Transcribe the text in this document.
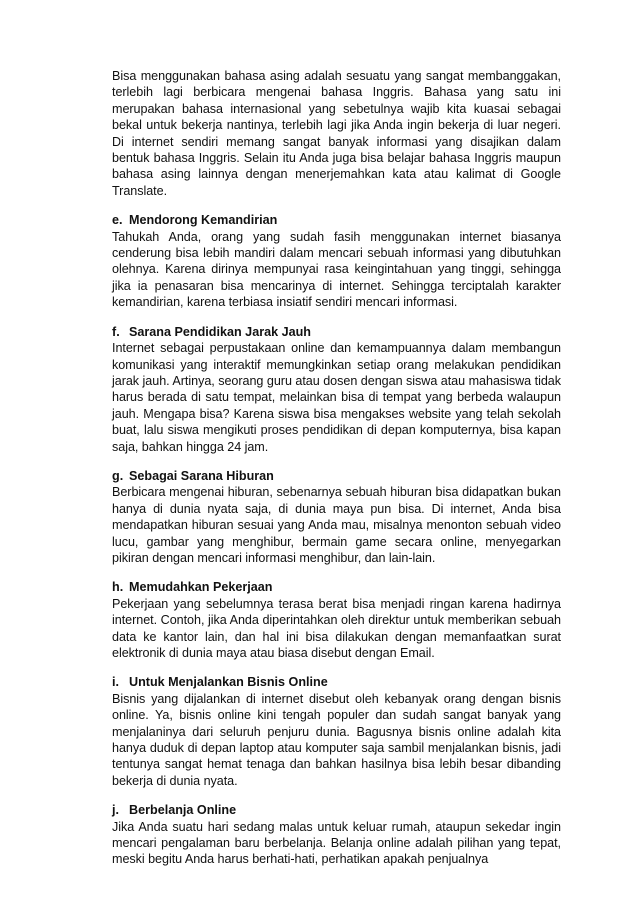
Bisa menggunakan bahasa asing adalah sesuatu yang sangat membanggakan, terlebih lagi berbicara mengenai bahasa Inggris. Bahasa yang satu ini merupakan bahasa internasional yang sebetulnya wajib kita kuasai sebagai bekal untuk bekerja nantinya, terlebih lagi jika Anda ingin bekerja di luar negeri. Di internet sendiri memang sangat banyak informasi yang disajikan dalam bentuk bahasa Inggris. Selain itu Anda juga bisa belajar bahasa Inggris maupun bahasa asing lainnya dengan menerjemahkan kata atau kalimat di Google Translate.

e. Mendorong Kemandirian

Tahukah Anda, orang yang sudah fasih menggunakan internet biasanya cenderung bisa lebih mandiri dalam mencari sebuah informasi yang dibutuhkan olehnya. Karena dirinya mempunyai rasa keingintahuan yang tinggi, sehingga jika ia penasaran bisa mencarinya di internet. Sehingga terciptalah karakter kemandirian, karena terbiasa insiatif sendiri mencari informasi.

f. Sarana Pendidikan Jarak Jauh

Internet sebagai perpustakaan online dan kemampuannya dalam membangun komunikasi yang interaktif memungkinkan setiap orang melakukan pendidikan jarak jauh. Artinya, seorang guru atau dosen dengan siswa atau mahasiswa tidak harus berada di satu tempat, melainkan bisa di tempat yang berbeda walaupun jauh. Mengapa bisa? Karena siswa bisa mengakses website yang telah sekolah buat, lalu siswa mengikuti proses pendidikan di depan komputernya, bisa kapan saja, bahkan hingga 24 jam.

g. Sebagai Sarana Hiburan

Berbicara mengenai hiburan, sebenarnya sebuah hiburan bisa didapatkan bukan hanya di dunia nyata saja, di dunia maya pun bisa. Di internet, Anda bisa mendapatkan hiburan sesuai yang Anda mau, misalnya menonton sebuah video lucu, gambar yang menghibur, bermain game secara online, menyegarkan pikiran dengan mencari informasi menghibur, dan lain-lain.

h. Memudahkan Pekerjaan

Pekerjaan yang sebelumnya terasa berat bisa menjadi ringan karena hadirnya internet. Contoh, jika Anda diperintahkan oleh direktur untuk memberikan sebuah data ke kantor lain, dan hal ini bisa dilakukan dengan memanfaatkan surat elektronik di dunia maya atau biasa disebut dengan Email.

i. Untuk Menjalankan Bisnis Online

Bisnis yang dijalankan di internet disebut oleh kebanyak orang dengan bisnis online. Ya, bisnis online kini tengah populer dan sudah sangat banyak yang menjalaninya dari seluruh penjuru dunia. Bagusnya bisnis online adalah kita hanya duduk di depan laptop atau komputer saja sambil menjalankan bisnis, jadi tentunya sangat hemat tenaga dan bahkan hasilnya bisa lebih besar dibanding bekerja di dunia nyata.

j. Berbelanja Online

Jika Anda suatu hari sedang malas untuk keluar rumah, ataupun sekedar ingin mencari pengalaman baru berbelanja. Belanja online adalah pilihan yang tepat, meski begitu Anda harus berhati-hati, perhatikan apakah penjualnya
